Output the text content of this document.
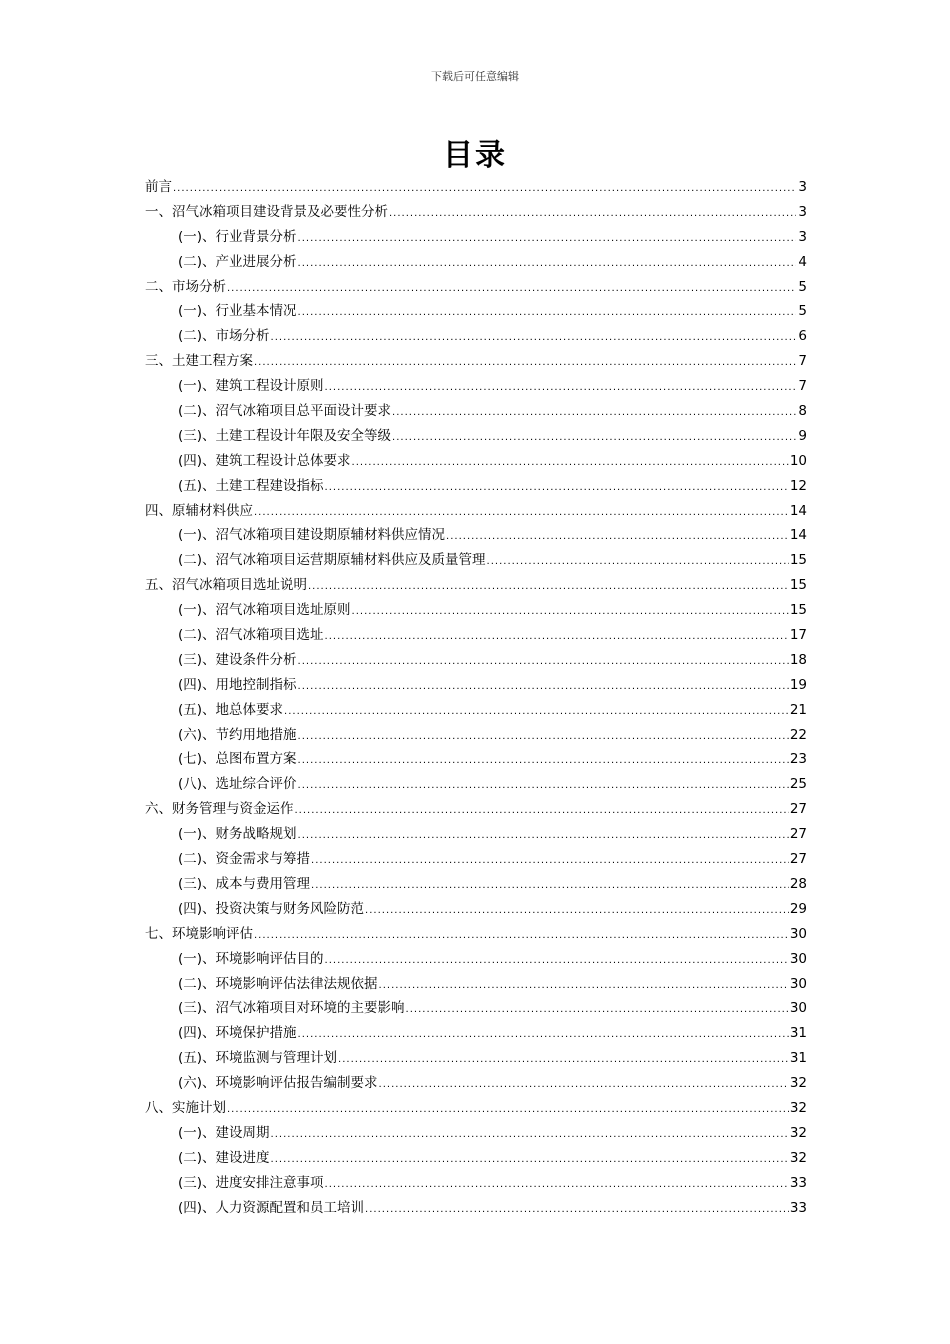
下载后可任意编辑
目录
前言 .....	3
一、沼气冰箱项目建设背景及必要性分析 .....	3
(一)、行业背景分析 .....	3
(二)、产业进展分析 .....	4
二、市场分析 .....	5
(一)、行业基本情况 .....	5
(二)、市场分析 .....	6
三、土建工程方案 .....	7
(一)、建筑工程设计原则 .....	7
(二)、沼气冰箱项目总平面设计要求 .....	8
(三)、土建工程设计年限及安全等级 .....	9
(四)、建筑工程设计总体要求 .....	10
(五)、土建工程建设指标 .....	12
四、原辅材料供应 .....	14
(一)、沼气冰箱项目建设期原辅材料供应情况 .....	14
(二)、沼气冰箱项目运营期原辅材料供应及质量管理 .....	15
五、沼气冰箱项目选址说明 .....	15
(一)、沼气冰箱项目选址原则 .....	15
(二)、沼气冰箱项目选址 .....	17
(三)、建设条件分析 .....	18
(四)、用地控制指标 .....	19
(五)、地总体要求 .....	21
(六)、节约用地措施 .....	22
(七)、总图布置方案 .....	23
(八)、选址综合评价 .....	25
六、财务管理与资金运作 .....	27
(一)、财务战略规划 .....	27
(二)、资金需求与筹措 .....	27
(三)、成本与费用管理 .....	28
(四)、投资决策与财务风险防范 .....	29
七、环境影响评估 .....	30
(一)、环境影响评估目的 .....	30
(二)、环境影响评估法律法规依据 .....	30
(三)、沼气冰箱项目对环境的主要影响 .....	30
(四)、环境保护措施 .....	31
(五)、环境监测与管理计划 .....	31
(六)、环境影响评估报告编制要求 .....	32
八、实施计划 .....	32
(一)、建设周期 .....	32
(二)、建设进度 .....	32
(三)、进度安排注意事项 .....	33
(四)、人力资源配置和员工培训 .....	33
